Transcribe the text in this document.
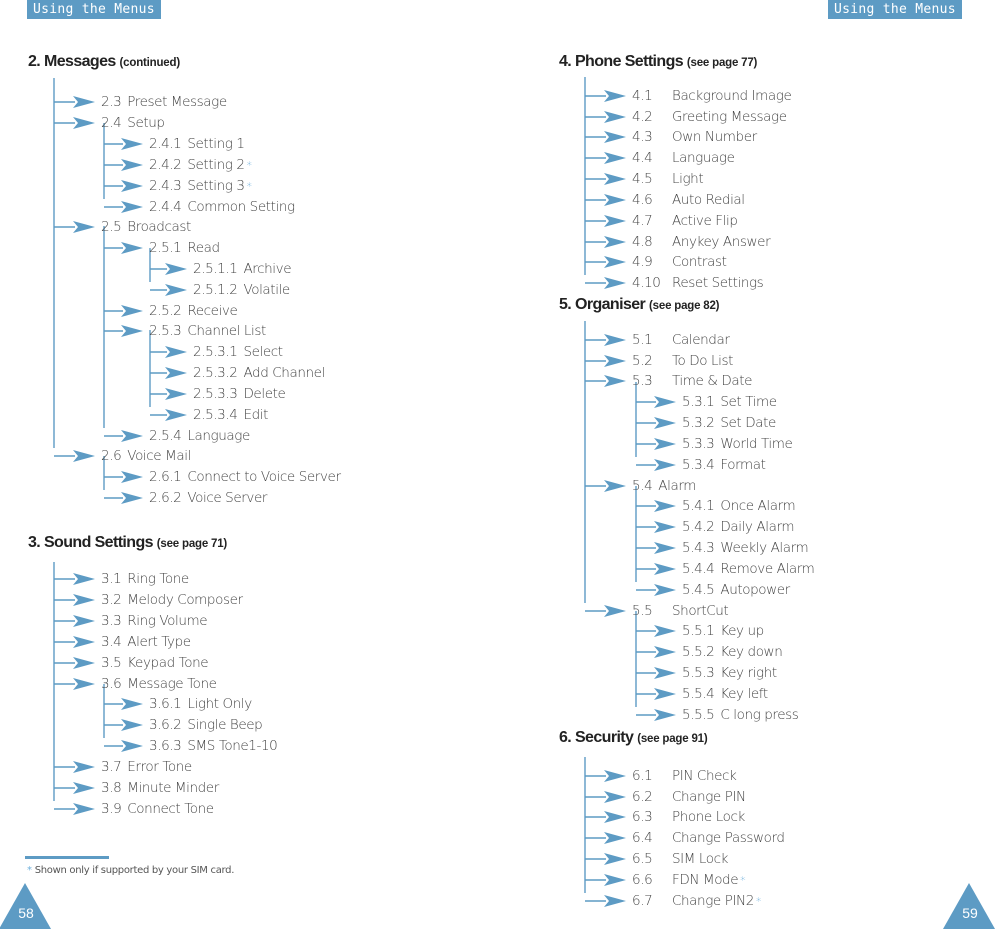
Using the Menus	Using the Menus
2. Messages (continued)
3. Sound Settings (see page 71)
4. Phone Settings (see page 77)
5. Organiser (see page 82)
6. Security (see page 91)
2.3 Preset Message
2.4 Setup
2.4.1 Setting 1
2.4.2 Setting 2 *
2.4.3 Setting 3 *
2.4.4 Common Setting
2.5 Broadcast
2.5.1 Read
2.5.1.1 Archive
2.5.1.2 Volatile
2.5.2 Receive
2.5.3 Channel List
2.5.3.1 Select
2.5.3.2 Add Channel
2.5.3.3 Delete
2.5.3.4 Edit
2.5.4 Language
2.6 Voice Mail
2.6.1 Connect to Voice Server
2.6.2 Voice Server
3.1 Ring Tone
3.2 Melody Composer
3.3 Ring Volume
3.4 Alert Type
3.5 Keypad Tone
3.6 Message Tone
3.6.1 Light Only
3.6.2 Single Beep
3.6.3 SMS Tone1-10
3.7 Error Tone
3.8 Minute Minder
3.9 Connect Tone
4.1 Background Image
4.2 Greeting Message
4.3 Own Number
4.4 Language
4.5 Light
4.6 Auto Redial
4.7 Active Flip
4.8 Anykey Answer
4.9 Contrast
4.10 Reset Settings
5.1 Calendar
5.2 To Do List
5.3 Time & Date
5.3.1 Set Time
5.3.2 Set Date
5.3.3 World Time
5.3.4 Format
5.4 Alarm
5.4.1 Once Alarm
5.4.2 Daily Alarm
5.4.3 Weekly Alarm
5.4.4 Remove Alarm
5.4.5 Autopower
5.5 ShortCut
5.5.1 Key up
5.5.2 Key down
5.5.3 Key right
5.5.4 Key left
5.5.5 C long press
6.1 PIN Check
6.2 Change PIN
6.3 Phone Lock
6.4 Change Password
6.5 SIM Lock
6.6 FDN Mode *
6.7 Change PIN2 *
* Shown only if supported by your SIM card.
58	59
